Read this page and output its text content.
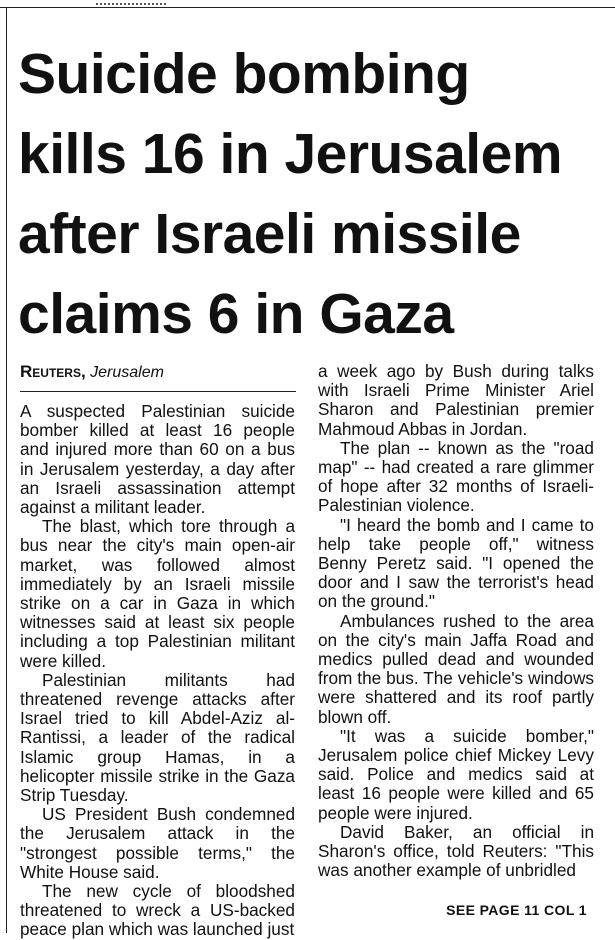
Suicide bombing
kills 16 in Jerusalem
after Israeli missile
claims 6 in Gaza
Reuters, Jerusalem

A suspected Palestinian suicide bomber killed at least 16 people and injured more than 60 on a bus in Jerusalem yesterday, a day after an Israeli assassination attempt against a militant leader.

The blast, which tore through a bus near the city's main open-air market, was followed almost immediately by an Israeli missile strike on a car in Gaza in which witnesses said at least six people including a top Palestinian militant were killed.

Palestinian militants had threatened revenge attacks after Israel tried to kill Abdel-Aziz al-Rantissi, a leader of the radical Islamic group Hamas, in a helicopter missile strike in the Gaza Strip Tuesday.

US President Bush condemned the Jerusalem attack in the "strongest possible terms," the White House said.

The new cycle of bloodshed threatened to wreck a US-backed peace plan which was launched just

a week ago by Bush during talks with Israeli Prime Minister Ariel Sharon and Palestinian premier Mahmoud Abbas in Jordan.

The plan -- known as the "road map" -- had created a rare glimmer of hope after 32 months of Israeli-Palestinian violence.

"I heard the bomb and I came to help take people off," witness Benny Peretz said. "I opened the door and I saw the terrorist's head on the ground."

Ambulances rushed to the area on the city's main Jaffa Road and medics pulled dead and wounded from the bus. The vehicle's windows were shattered and its roof partly blown off.

"It was a suicide bomber," Jerusalem police chief Mickey Levy said. Police and medics said at least 16 people were killed and 65 people were injured.

David Baker, an official in Sharon's office, told Reuters: "This was another example of unbridled

SEE PAGE 11 COL 1
